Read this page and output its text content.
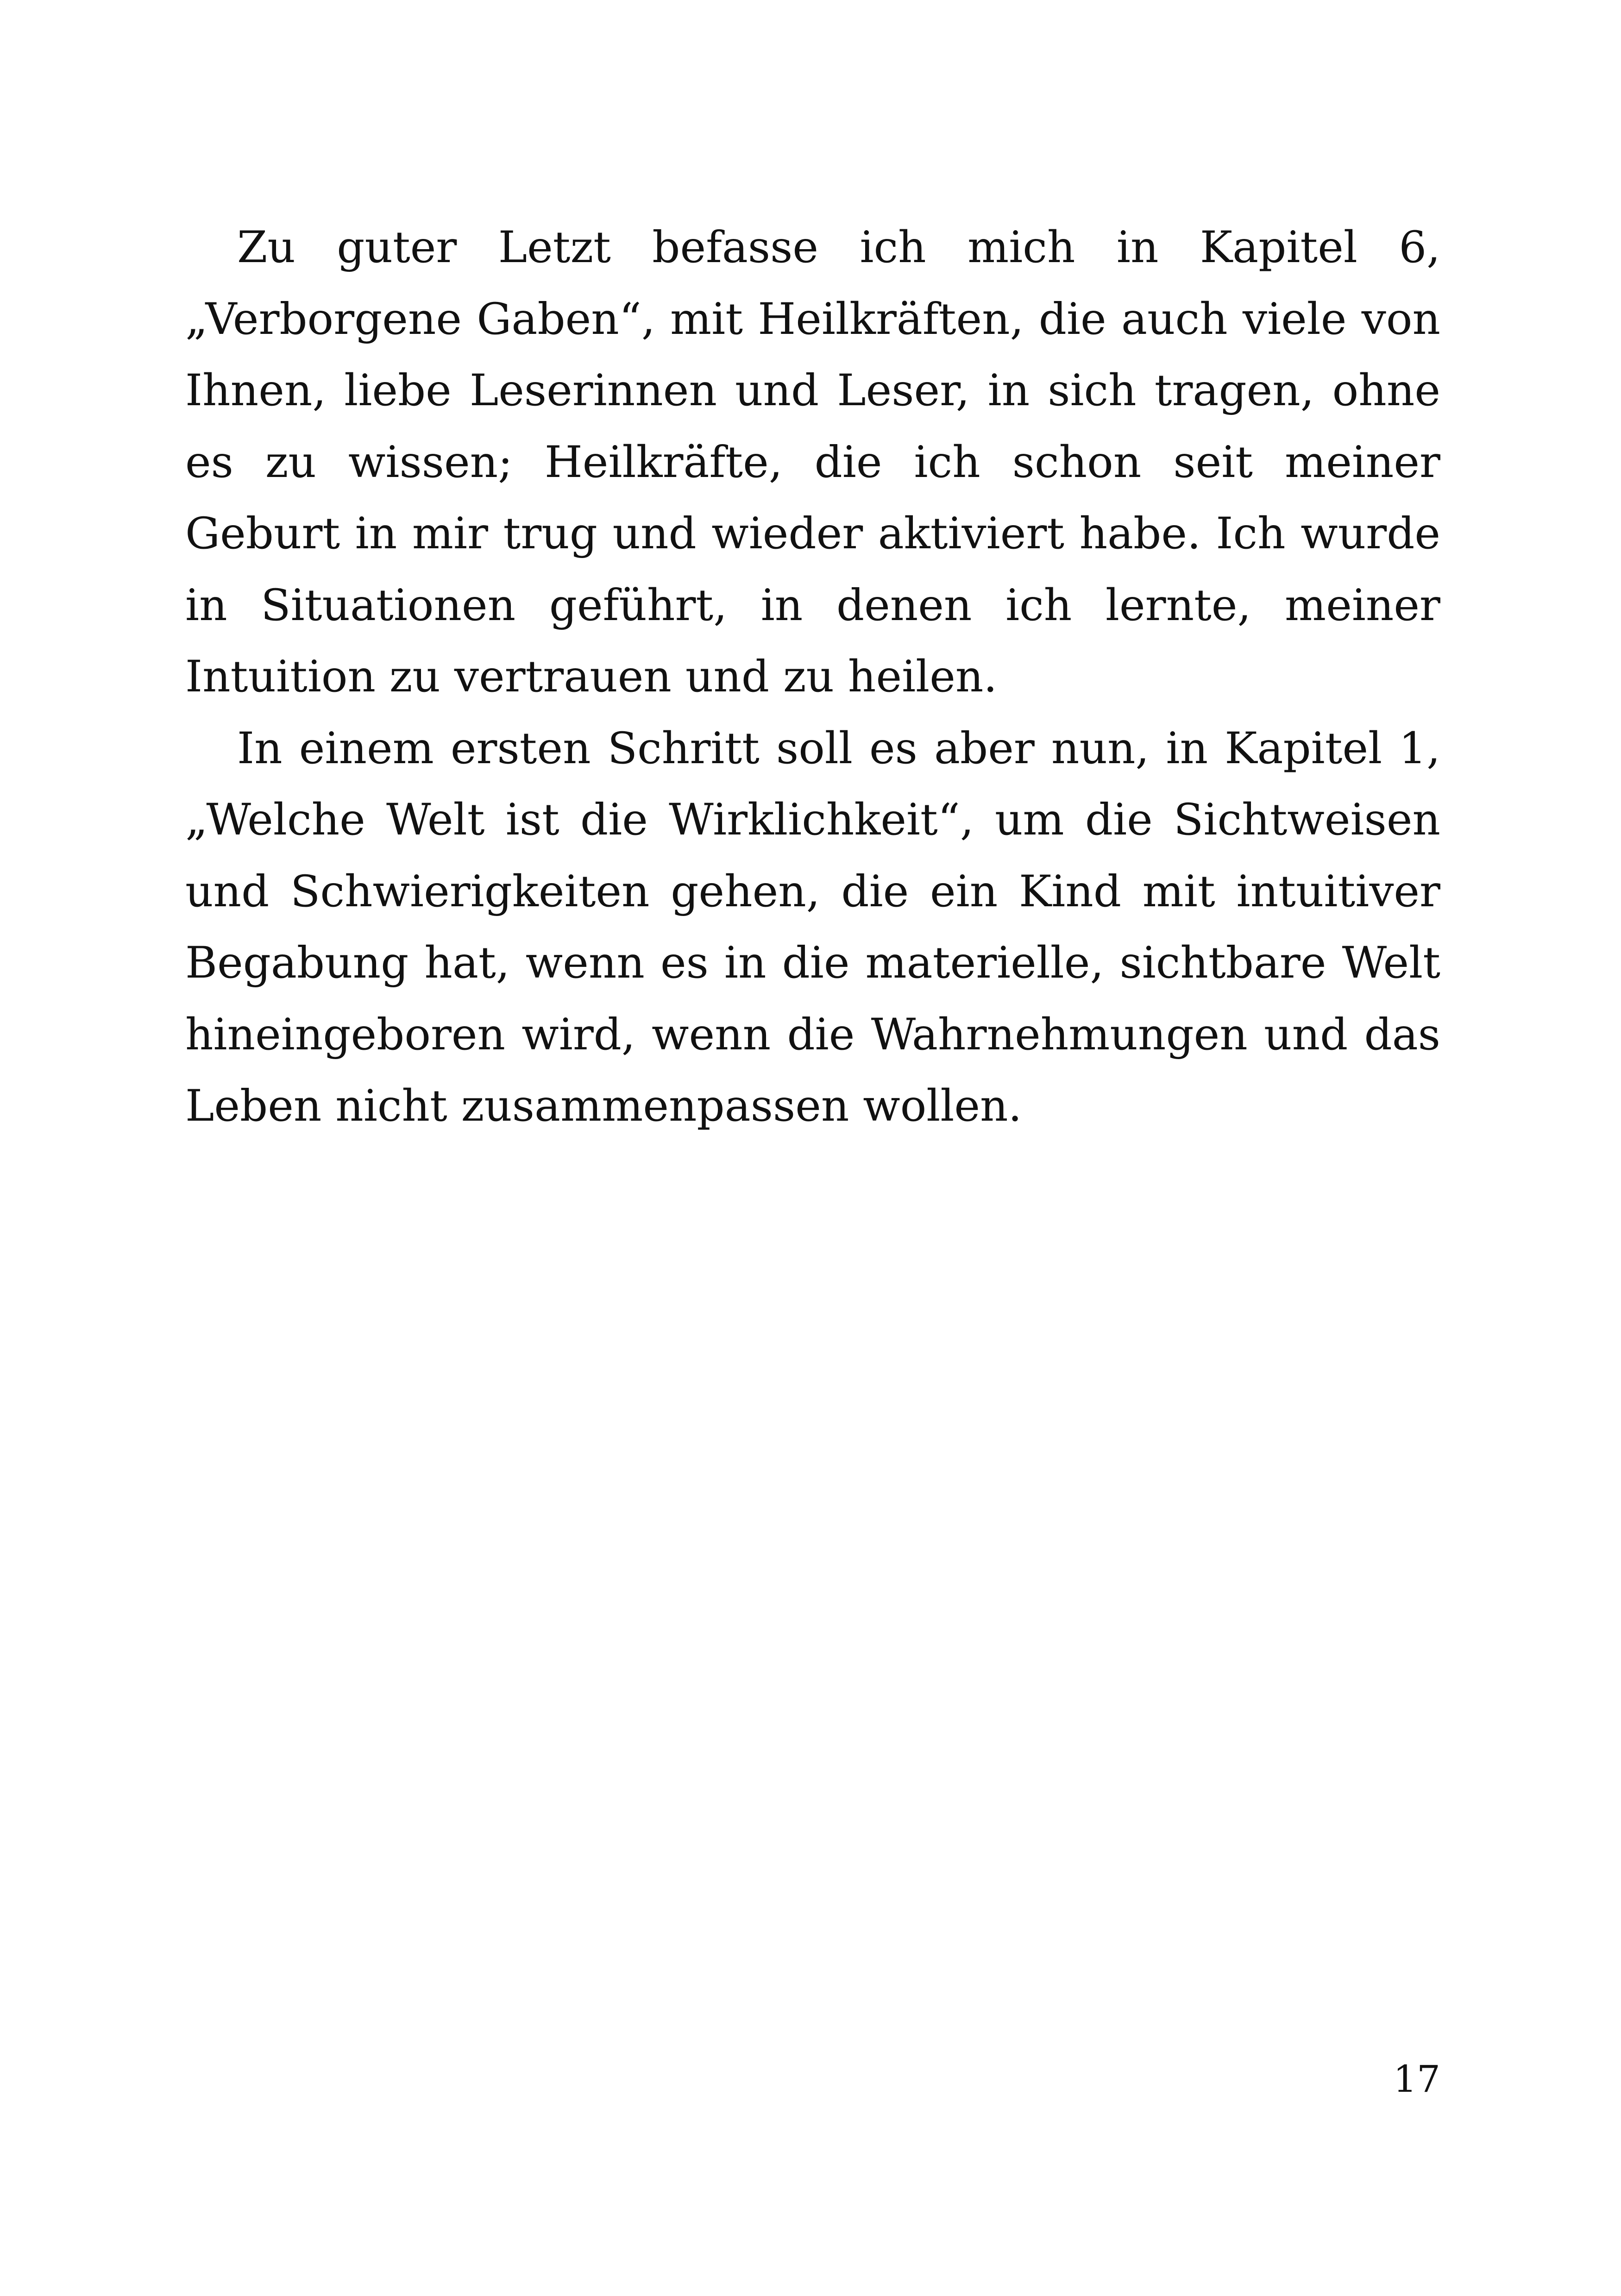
Zu guter Letzt befasse ich mich in Kapitel 6, „Verborgene Gaben“, mit Heilkräften, die auch viele von Ihnen, liebe Leserinnen und Leser, in sich tragen, ohne es zu wissen; Heilkräfte, die ich schon seit meiner Geburt in mir trug und wieder aktiviert habe. Ich wurde in Situationen geführt, in denen ich lernte, meiner Intuition zu vertrauen und zu heilen.

In einem ersten Schritt soll es aber nun, in Kapitel 1, „Welche Welt ist die Wirklichkeit“, um die Sichtweisen und Schwierigkeiten gehen, die ein Kind mit intuitiver Begabung hat, wenn es in die materielle, sichtbare Welt hineingeboren wird, wenn die Wahrnehmungen und das Leben nicht zusammenpassen wollen.

17
